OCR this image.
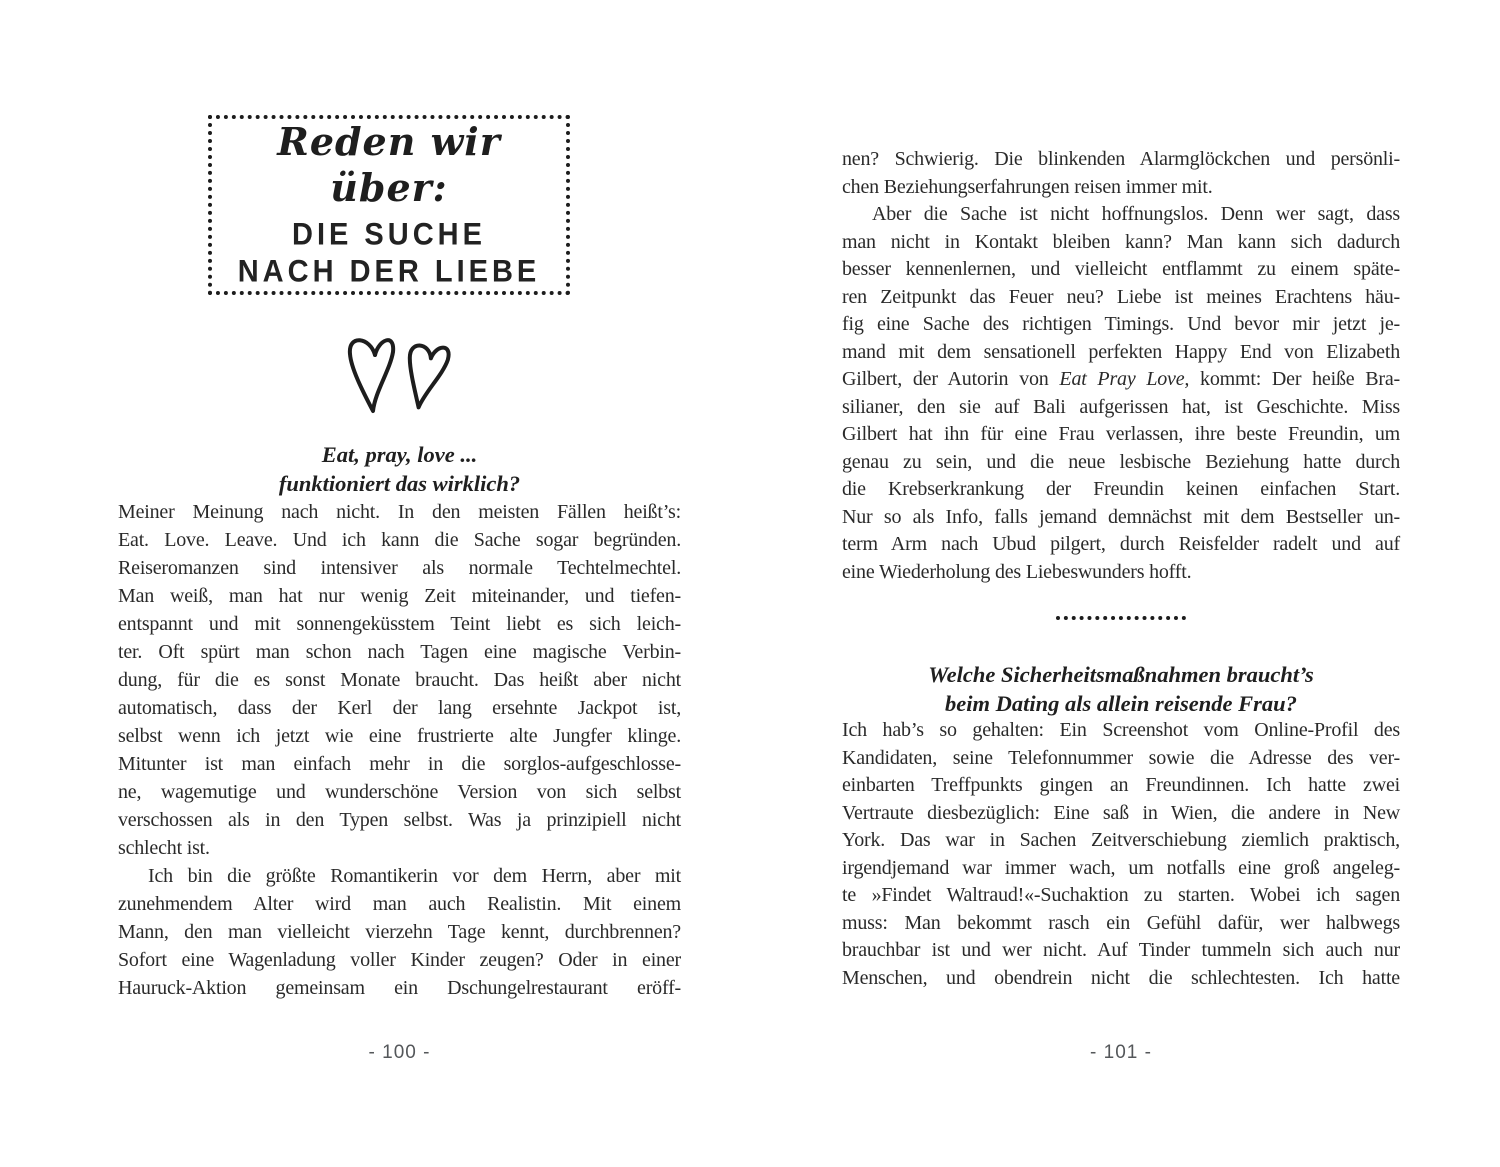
Reden wir über:
DIE SUCHE
NACH DER LIEBE
Eat, pray, love ...
funktioniert das wirklich?
Meiner Meinung nach nicht. In den meisten Fällen heißt’s:
Eat. Love. Leave. Und ich kann die Sache sogar begründen.
Reiseromanzen sind intensiver als normale Techtelmechtel.
Man weiß, man hat nur wenig Zeit miteinander, und tiefen-
entspannt und mit sonnengeküsstem Teint liebt es sich leich-
ter. Oft spürt man schon nach Tagen eine magische Verbin-
dung, für die es sonst Monate braucht. Das heißt aber nicht
automatisch, dass der Kerl der lang ersehnte Jackpot ist,
selbst wenn ich jetzt wie eine frustrierte alte Jungfer klinge.
Mitunter ist man einfach mehr in die sorglos-aufgeschlosse-
ne, wagemutige und wunderschöne Version von sich selbst
verschossen als in den Typen selbst. Was ja prinzipiell nicht
schlecht ist.
Ich bin die größte Romantikerin vor dem Herrn, aber mit
zunehmendem Alter wird man auch Realistin. Mit einem
Mann, den man vielleicht vierzehn Tage kennt, durchbrennen?
Sofort eine Wagenladung voller Kinder zeugen? Oder in einer
Hauruck-Aktion gemeinsam ein Dschungelrestaurant eröff-
- 100 -
nen? Schwierig. Die blinkenden Alarmglöckchen und persönli-
chen Beziehungserfahrungen reisen immer mit.
Aber die Sache ist nicht hoffnungslos. Denn wer sagt, dass
man nicht in Kontakt bleiben kann? Man kann sich dadurch
besser kennenlernen, und vielleicht entflammt zu einem späte-
ren Zeitpunkt das Feuer neu? Liebe ist meines Erachtens häu-
fig eine Sache des richtigen Timings. Und bevor mir jetzt je-
mand mit dem sensationell perfekten Happy End von Elizabeth
Gilbert, der Autorin von Eat Pray Love, kommt: Der heiße Bra-
silianer, den sie auf Bali aufgerissen hat, ist Geschichte. Miss
Gilbert hat ihn für eine Frau verlassen, ihre beste Freundin, um
genau zu sein, und die neue lesbische Beziehung hatte durch
die Krebserkrankung der Freundin keinen einfachen Start.
Nur so als Info, falls jemand demnächst mit dem Bestseller un-
term Arm nach Ubud pilgert, durch Reisfelder radelt und auf
eine Wiederholung des Liebeswunders hofft.
Welche Sicherheitsmaßnahmen braucht’s
beim Dating als allein reisende Frau?
Ich hab’s so gehalten: Ein Screenshot vom Online-Profil des
Kandidaten, seine Telefonnummer sowie die Adresse des ver-
einbarten Treffpunkts gingen an Freundinnen. Ich hatte zwei
Vertraute diesbezüglich: Eine saß in Wien, die andere in New
York. Das war in Sachen Zeitverschiebung ziemlich praktisch,
irgendjemand war immer wach, um notfalls eine groß angeleg-
te »Findet Waltraud!«-Suchaktion zu starten. Wobei ich sagen
muss: Man bekommt rasch ein Gefühl dafür, wer halbwegs
brauchbar ist und wer nicht. Auf Tinder tummeln sich auch nur
Menschen, und obendrein nicht die schlechtesten. Ich hatte
- 101 -
